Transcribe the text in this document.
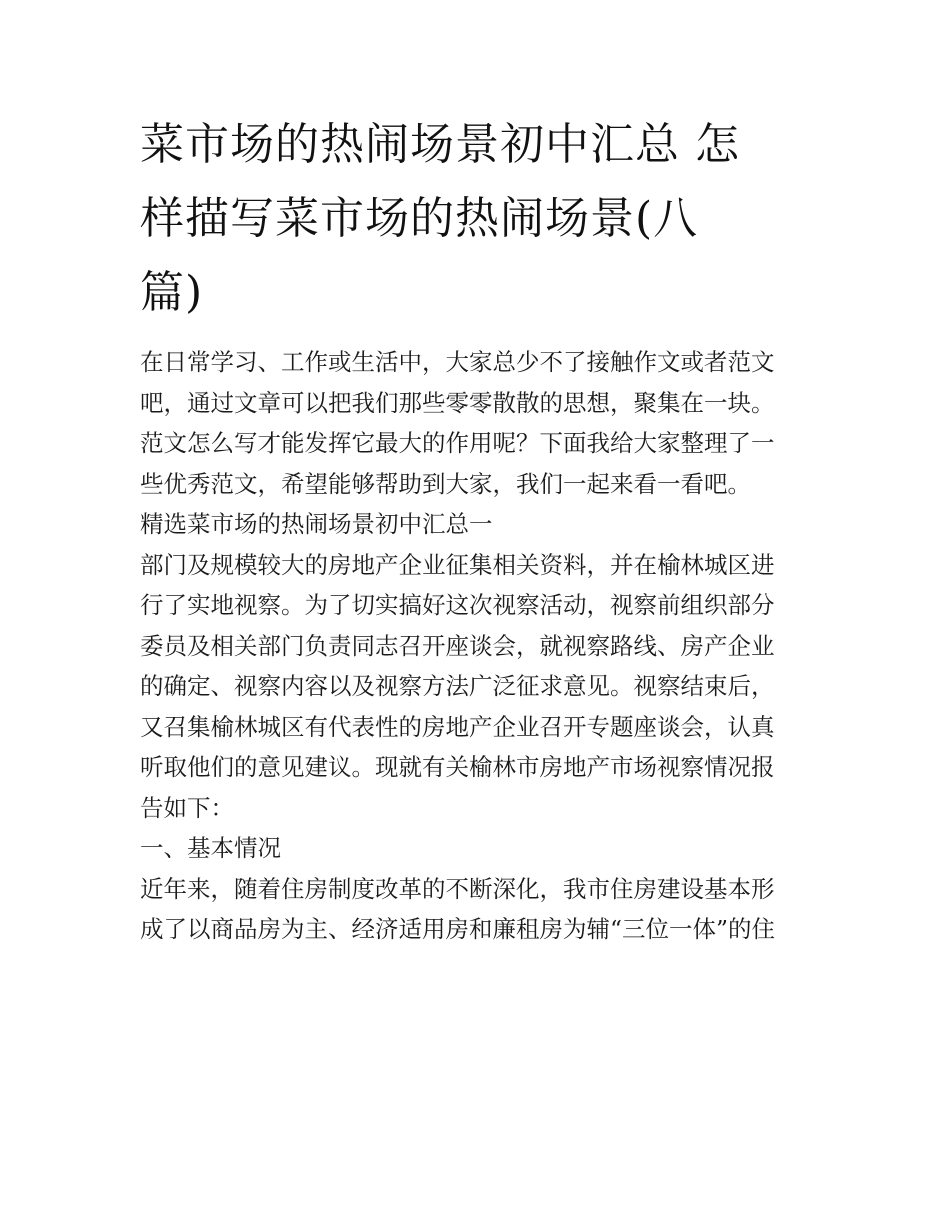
菜市场的热闹场景初中汇总 怎
样描写菜市场的热闹场景(八
篇)
在日常学习、工作或生活中，大家总少不了接触作文或者范文
吧，通过文章可以把我们那些零零散散的思想，聚集在一块。
范文怎么写才能发挥它最大的作用呢？下面我给大家整理了一
些优秀范文，希望能够帮助到大家，我们一起来看一看吧。
精选菜市场的热闹场景初中汇总一
部门及规模较大的房地产企业征集相关资料，并在榆林城区进
行了实地视察。为了切实搞好这次视察活动，视察前组织部分
委员及相关部门负责同志召开座谈会，就视察路线、房产企业
的确定、视察内容以及视察方法广泛征求意见。视察结束后，
又召集榆林城区有代表性的房地产企业召开专题座谈会，认真
听取他们的意见建议。现就有关榆林市房地产市场视察情况报
告如下：
一、基本情况
近年来，随着住房制度改革的不断深化，我市住房建设基本形
成了以商品房为主、经济适用房和廉租房为辅“三位一体”的住
